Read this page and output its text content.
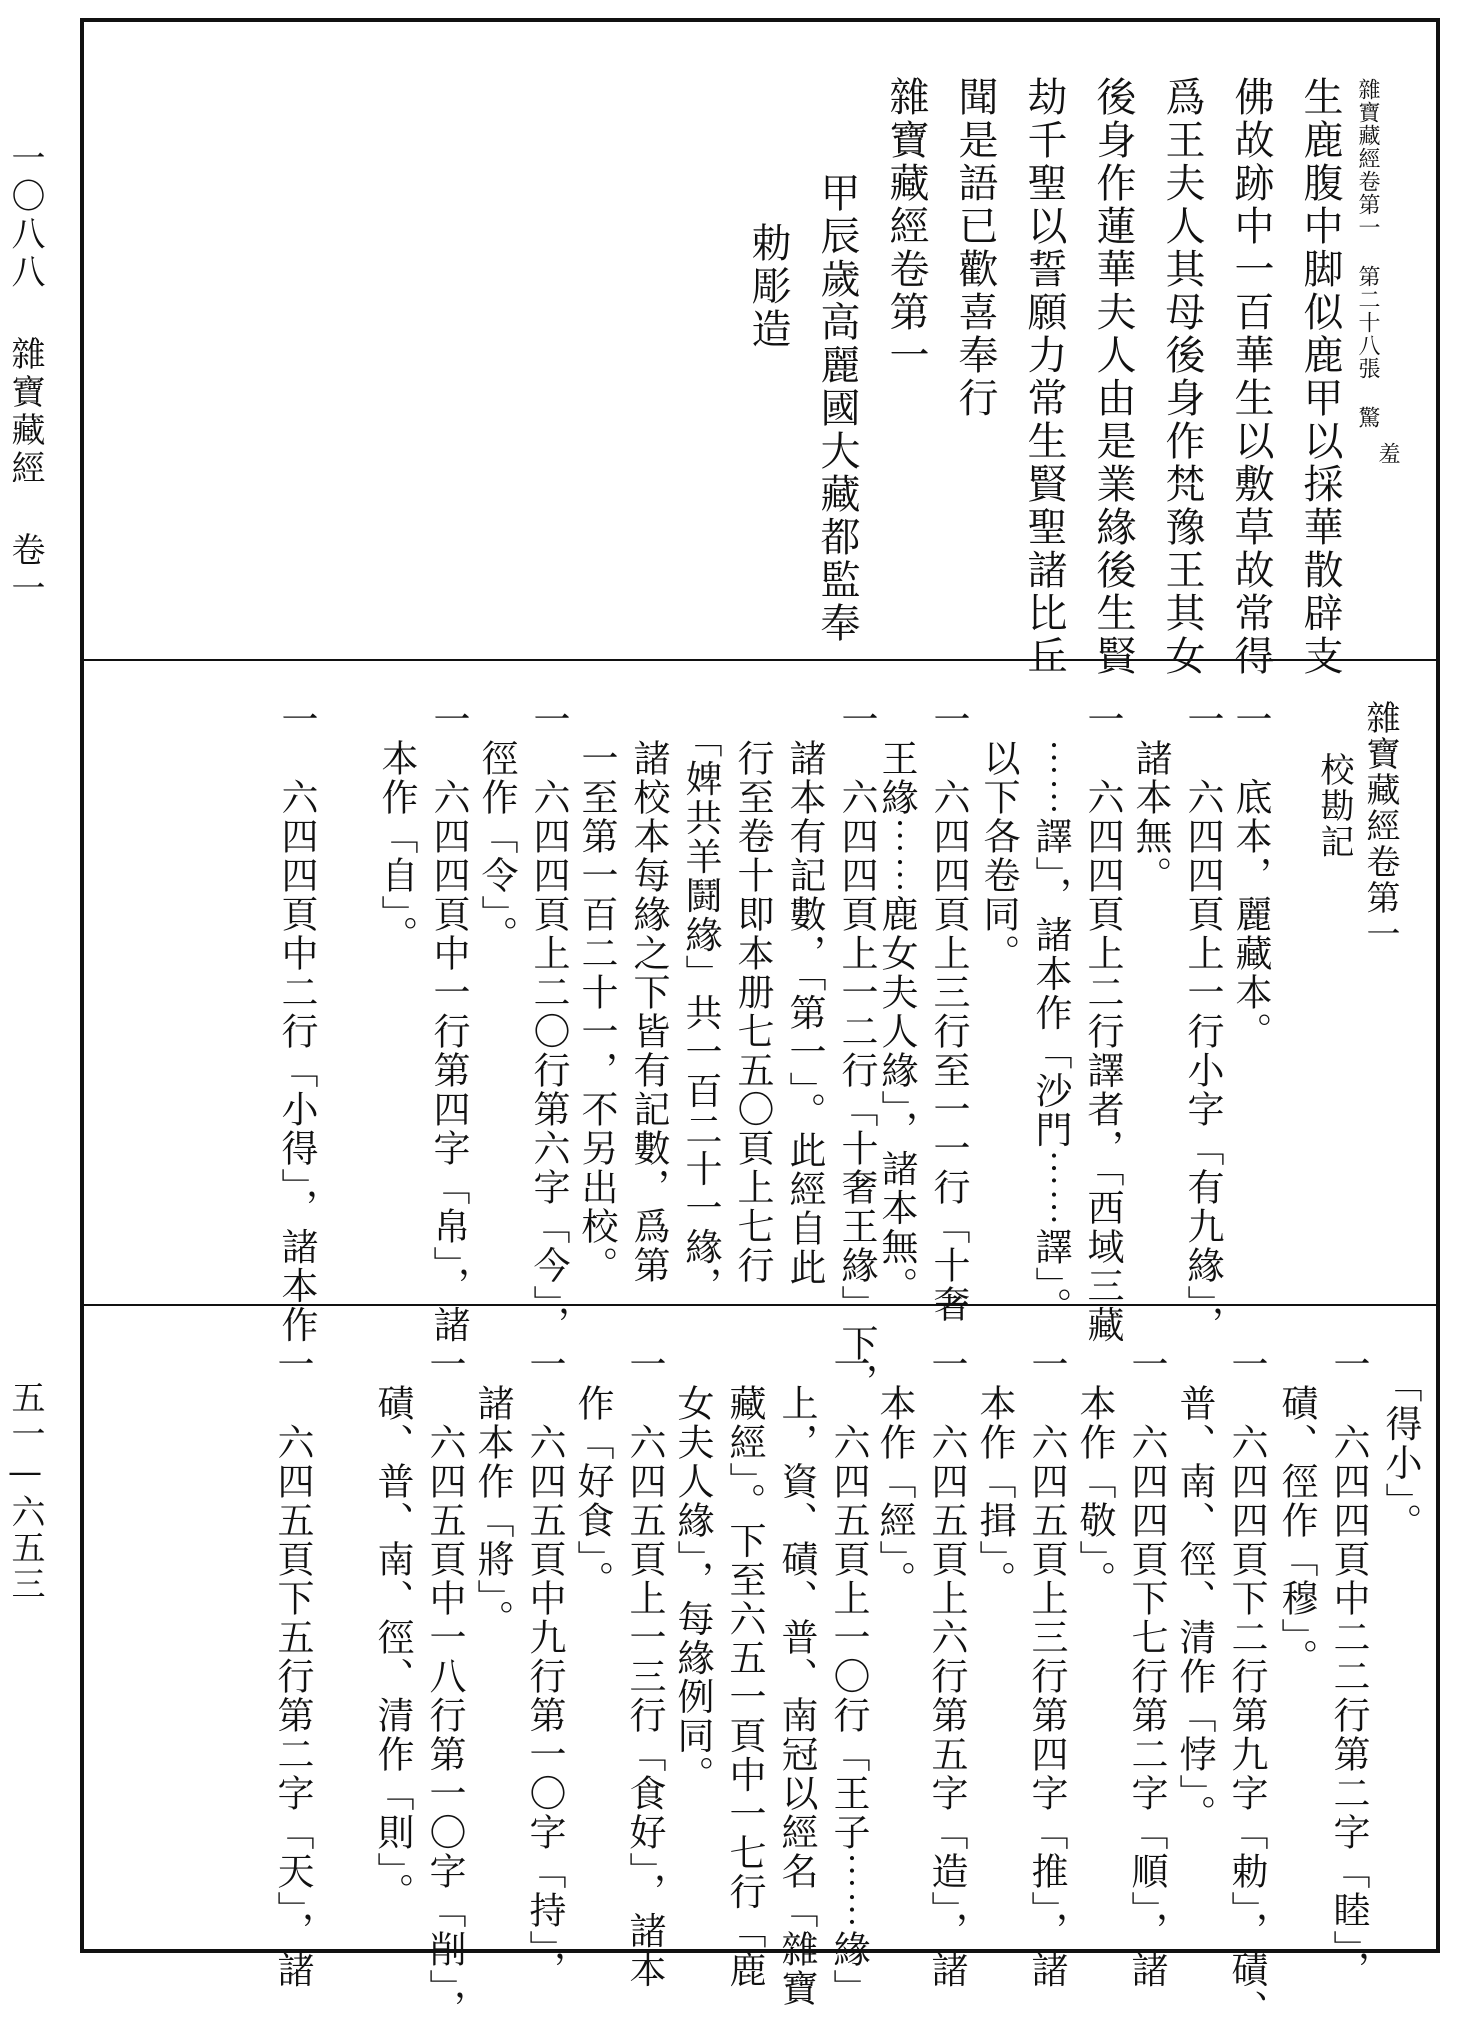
一〇八八 雜寶藏經 卷一
五一—六五三
雜寶藏經卷第一 第二十八張 驚
羞
生鹿腹中脚似鹿甲以採華散辟支
佛故跡中一百華生以敷草故常得
爲王夫人其母後身作梵豫王其女
後身作蓮華夫人由是業緣後生賢
劫千聖以誓願力常生賢聖諸比丘
聞是語已歡喜奉行
雜寶藏經卷第一
甲辰歲高麗國大藏都監奉
勅彫造
雜寶藏經卷第一
校勘記
一　底本，麗藏本。
一　六四四頁上一行小字「有九緣」，
　諸本無。
一　六四四頁上二行譯者，「西域三藏
　⋯⋯譯」，諸本作「沙門⋯⋯譯」。
　以下各卷同。
一　六四四頁上三行至一一行「十奢
　王緣⋯⋯鹿女夫人緣」，諸本無。
一　六四四頁上一二行「十奢王緣」下，
　諸本有記數，「第一」。此經自此
　行至卷十即本册七五〇頁上七行
　「婢共羊鬪緣」共一百二十一緣，
　諸校本每緣之下皆有記數，爲第
　一至第一百二十一，不另出校。
一　六四四頁上二〇行第六字「今」，
　徑作「令」。
一　六四四頁中一行第四字「帛」，諸
　本作「自」。
一　六四四頁中二行「小得」，諸本作
　「得小」。
一　六四四頁中二二行第二字「睦」，
　磧、徑作「穆」。
一　六四四頁下二行第九字「勅」，磧、
　普、南、徑、清作「悖」。
一　六四四頁下七行第二字「順」，諸
　本作「敬」。
一　六四五頁上三行第四字「推」，諸
　本作「揖」。
一　六四五頁上六行第五字「造」，諸
　本作「經」。
一　六四五頁上一〇行「王子⋯⋯緣」
　上，資、磧、普、南冠以經名「雜寶
　藏經」。下至六五一頁中一七行「鹿
　女夫人緣」，每緣例同。
一　六四五頁上一三行「食好」，諸本
　作「好食」。
一　六四五頁中九行第一〇字「持」，
　諸本作「將」。
一　六四五頁中一八行第一〇字「削」，
　磧、普、南、徑、清作「則」。
一　六四五頁下五行第二字「天」，諸
